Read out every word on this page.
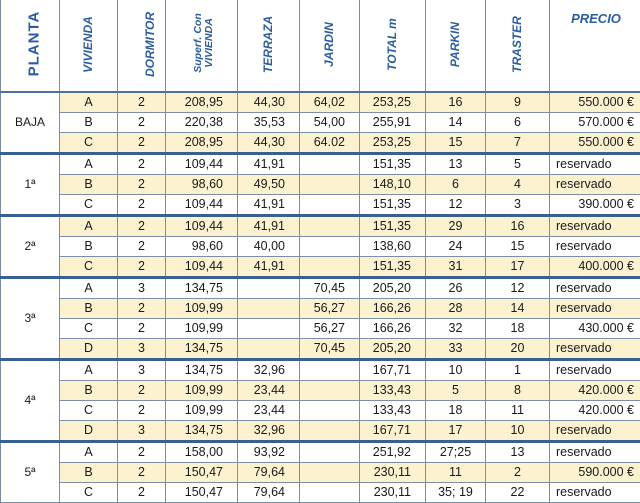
PLANTA	VIVIENDA	DORMITOR	Superf. Con VIVIENDA	TERRAZA	JARDIN	TOTAL m	PARKIN	TRASTER	PRECIO
BAJA	A	2	208,95	44,30	64,02	253,25	16	9	550.000 €
	B	2	220,38	35,53	54,00	255,91	14	6	570.000 €
	C	2	208,95	44,30	64.02	253,25	15	7	550.000 €
1ª	A	2	109,44	41,91		151,35	13	5	reservado
	B	2	98,60	49,50		148,10	6	4	reservado
	C	2	109,44	41,91		151,35	12	3	390.000 €
2ª	A	2	109,44	41,91		151,35	29	16	reservado
	B	2	98,60	40,00		138,60	24	15	reservado
	C	2	109,44	41,91		151,35	31	17	400.000 €
3ª	A	3	134,75		70,45	205,20	26	12	reservado
	B	2	109,99		56,27	166,26	28	14	reservado
	C	2	109,99		56,27	166,26	32	18	430.000 €
	D	3	134,75		70,45	205,20	33	20	reservado
4ª	A	3	134,75	32,96		167,71	10	1	reservado
	B	2	109,99	23,44		133,43	5	8	420.000 €
	C	2	109,99	23,44		133,43	18	11	420.000 €
	D	3	134,75	32,96		167,71	17	10	reservado
5ª	A	2	158,00	93,92		251,92	27;25	13	reservado
	B	2	150,47	79,64		230,11	11	2	590.000 €
	C	2	150,47	79,64		230,11	35; 19	22	reservado
